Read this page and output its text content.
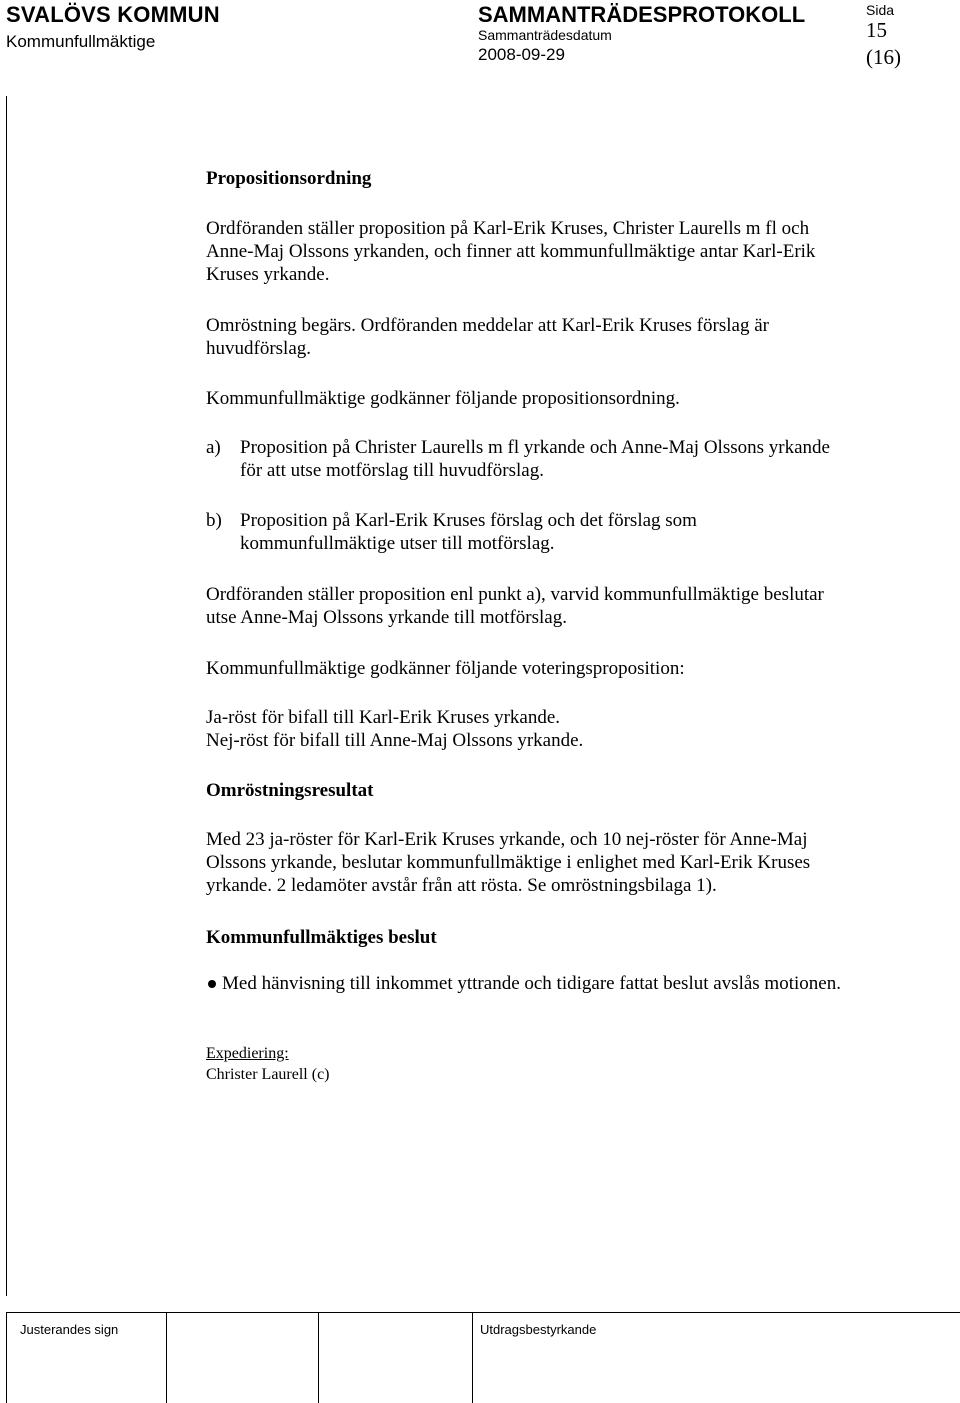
SVALÖVS KOMMUN
Kommunfullmäktige
SAMMANTRÄDESPROTOKOLL
Sammanträdesdatum
2008-09-29
Sida
15
(16)
Propositionsordning

Ordföranden ställer proposition på Karl-Erik Kruses, Christer Laurells m fl och

Anne-Maj Olssons yrkanden, och finner att kommunfullmäktige antar Karl-Erik

Kruses yrkande.

Omröstning begärs. Ordföranden meddelar att Karl-Erik Kruses förslag är

huvudförslag.

Kommunfullmäktige godkänner följande propositionsordning.
a) Proposition på Christer Laurells m fl yrkande och Anne-Maj Olssons yrkande

för att utse motförslag till huvudförslag.

b) Proposition på Karl-Erik Kruses förslag och det förslag som

kommunfullmäktige utser till motförslag.

Ordföranden ställer proposition enl punkt a), varvid kommunfullmäktige beslutar

utse Anne-Maj Olssons yrkande till motförslag.

Kommunfullmäktige godkänner följande voteringsproposition:

Ja-röst för bifall till Karl-Erik Kruses yrkande.

Nej-röst för bifall till Anne-Maj Olssons yrkande.

Omröstningsresultat

Med 23 ja-röster för Karl-Erik Kruses yrkande, och 10 nej-röster för Anne-Maj

Olssons yrkande, beslutar kommunfullmäktige i enlighet med Karl-Erik Kruses

yrkande. 2 ledamöter avstår från att rösta. Se omröstningsbilaga 1).

Kommunfullmäktiges beslut
Med hänvisning till inkommet yttrande och tidigare fattat beslut avslås motionen.
Expediering:
Christer Laurell (c)
Justerandes sign	Utdragsbestyrkande
